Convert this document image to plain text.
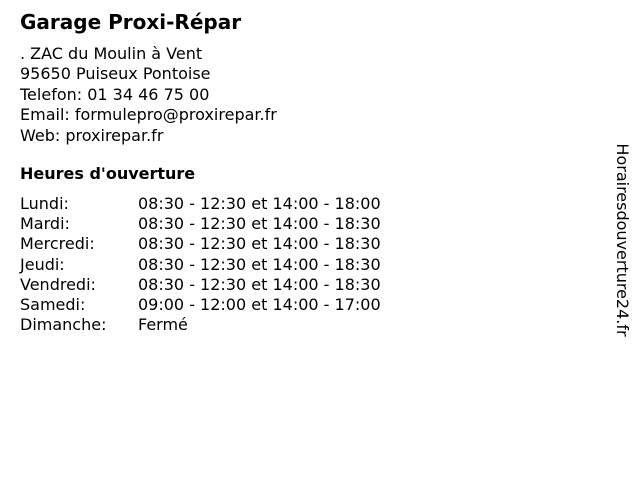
Garage Proxi-Répar
. ZAC du Moulin à Vent
95650 Puiseux Pontoise
Telefon: 01 34 46 75 00
Email: formulepro@proxirepar.fr
Web: proxirepar.fr
Heures d'ouverture
Lundi:	08:30 - 12:30 et 14:00 - 18:00
Mardi:	08:30 - 12:30 et 14:00 - 18:30
Mercredi:	08:30 - 12:30 et 14:00 - 18:30
Jeudi:	08:30 - 12:30 et 14:00 - 18:30
Vendredi:	08:30 - 12:30 et 14:00 - 18:30
Samedi:	09:00 - 12:00 et 14:00 - 17:00
Dimanche:	Fermé	Horairesdouverture24.fr
